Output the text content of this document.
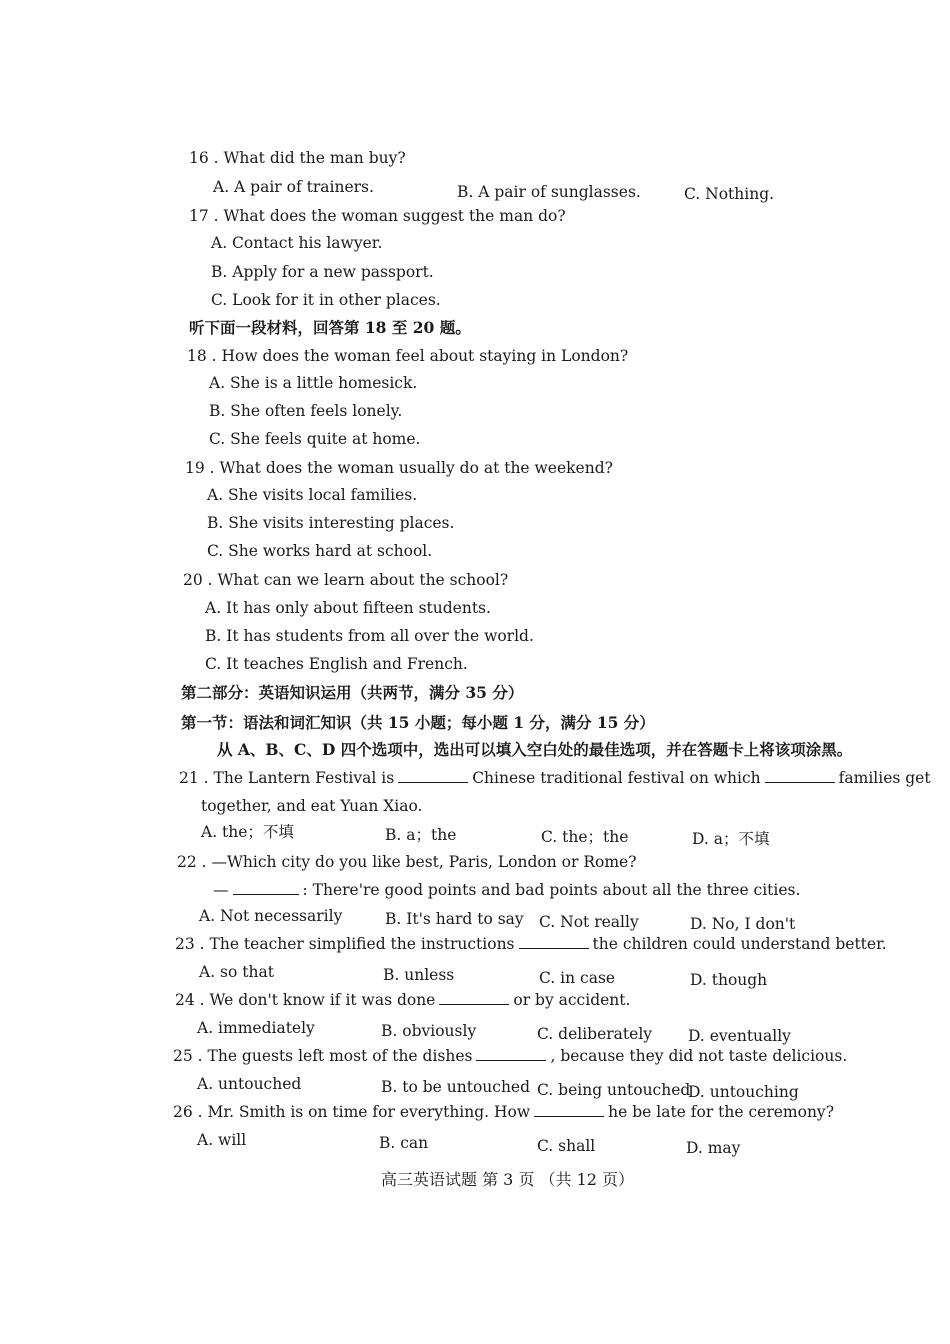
16 . What did the man buy?
A. A pair of trainers.	B. A pair of sunglasses.	C. Nothing.
17 . What does the woman suggest the man do?
A. Contact his lawyer.
B. Apply for a new passport.
C. Look for it in other places.
听下面一段材料，回答第 18 至 20 题。
18 . How does the woman feel about staying in London?
A. She is a little homesick.
B. She often feels lonely.
C. She feels quite at home.
19 . What does the woman usually do at the weekend?
A. She visits local families.
B. She visits interesting places.
C. She works hard at school.
20 . What can we learn about the school?
A. It has only about fifteen students.
B. It has students from all over the world.
C. It teaches English and French.
第二部分：英语知识运用（共两节，满分 35 分）
第一节：语法和词汇知识（共 15 小题；每小题 1 分，满分 15 分）
从 A、B、C、D 四个选项中，选出可以填入空白处的最佳选项，并在答题卡上将该项涂黑。
21 . The Lantern Festival is	Chinese traditional festival on which	families get
together, and eat Yuan Xiao.
A. the；不填	B. a；the	C. the；the	D. a；不填
22 . —Which city do you like best, Paris, London or Rome?
—	: There're good points and bad points about all the three cities.
A. Not necessarily	B. It's hard to say C. Not really	D. No, I don't
23 . The teacher simplified the instructions	the children could understand better.
A. so that	B. unless	C. in case	D. though
24 . We don't know if it was done	or by accident.
A. immediately	B. obviously	C. deliberately D. eventually
25 . The guests left most of the dishes	, because they did not taste delicious.
A. untouched	B. to be untouched C. being untouched
D. untouching
26 . Mr. Smith is on time for everything. How	he be late for the ceremony?
A. will	B. can	C. shall	D. may
高三英语试题 第 3 页 （共 12 页）
